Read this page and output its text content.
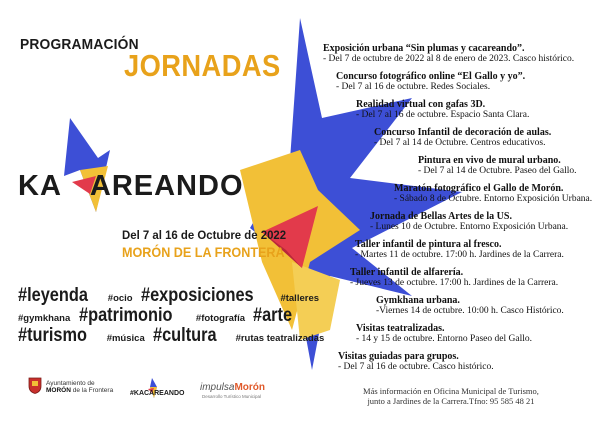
PROGRAMACIÓN
JORNADAS
KA AREANDO
Del 7 al 16 de Octubre de 2022
MORÓN DE LA FRONTERA
#leyenda #ocio #exposiciones	#talleres
#gymkhana #patrimonio #fotografía #arte
#turismo #música #cultura #rutas teatralizadas
Exposición urbana “Sin plumas y cacareando”.
- Del 7 de octubre de 2022 al 8 de enero de 2023. Casco histórico.
Concurso fotográfico online “El Gallo y yo”.
- Del 7 al 16 de octubre. Redes Sociales.
Realidad virtual con gafas 3D.
- Del 7 al 16 de octubre. Espacio Santa Clara.
Concurso Infantil de decoración de aulas.
- Del 7 al 14 de Octubre. Centros educativos.
Pintura en vivo de mural urbano.
- Del 7 al 14 de Octubre. Paseo del Gallo.
Maratón fotográfico el Gallo de Morón.
- Sábado 8 de Octubre. Entorno Exposición Urbana.
Jornada de Bellas Artes de la US.
- Lunes 10 de Octubre. Entorno Exposición Urbana.
Taller infantil de pintura al fresco.
- Martes 11 de octubre. 17:00 h. Jardines de la Carrera.
Taller infantil de alfarería.
- Jueves 13 de octubre. 17:00 h. Jardines de la Carrera.
Gymkhana urbana.
-Viernes 14 de octubre. 10:00 h. Casco Histórico.
Visitas teatralizadas.
- 14 y 15 de octubre. Entorno Paseo del Gallo.
Visitas guiadas para grupos.
- Del 7 al 16 de octubre. Casco histórico.
Más información en Oficina Municipal de Turismo,
junto a Jardines de la Carrera.Tfno: 95 585 48 21
Ayuntamiento de
MORÓN de la Frontera #KACAREANDO
impulsaMorón
Desarrollo Turístico Municipal
